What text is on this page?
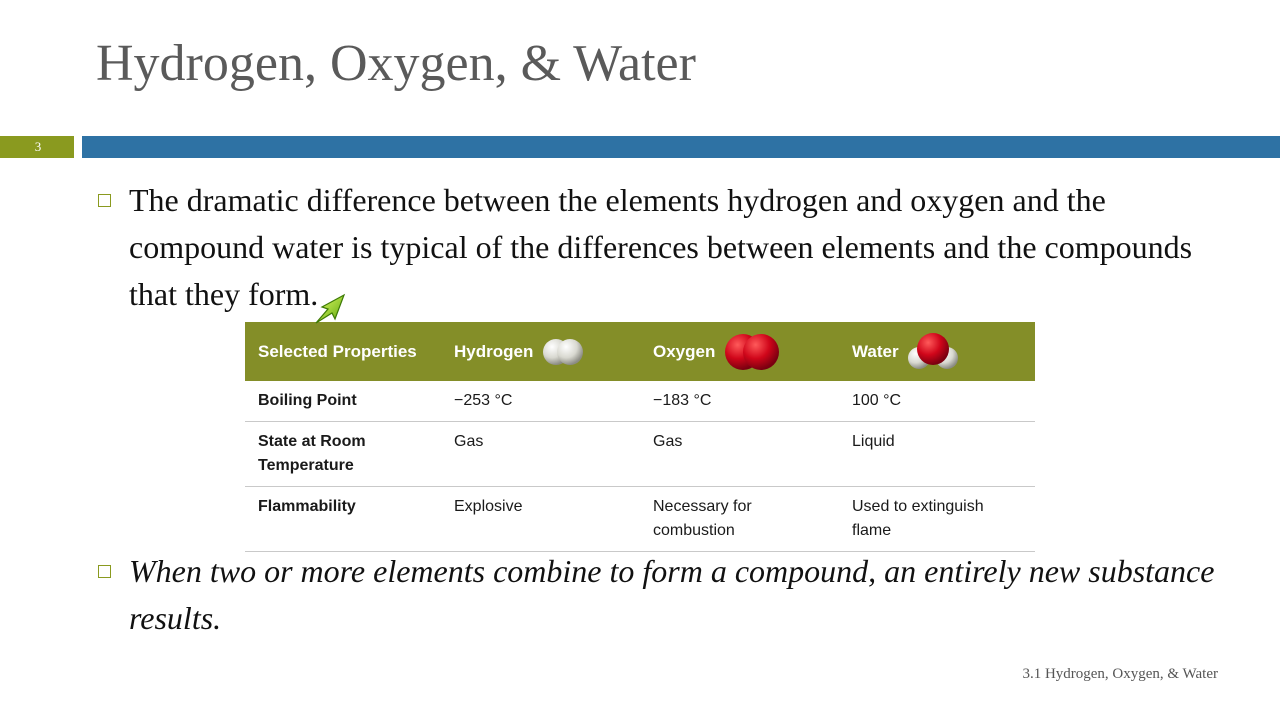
Hydrogen, Oxygen, & Water
3
The dramatic difference between the elements hydrogen and oxygen and the compound water is typical of the differences between elements and the compounds that they form.
Selected Properties	Hydrogen	Oxygen	Water

Boiling Point	−253 °C	−183 °C	100 °C
State at Room Temperature	Gas	Gas	Liquid
Flammability	Explosive	Necessary for combustion	Used to extinguish flame
When two or more elements combine to form a compound, an entirely new substance results.
3.1 Hydrogen, Oxygen, & Water
